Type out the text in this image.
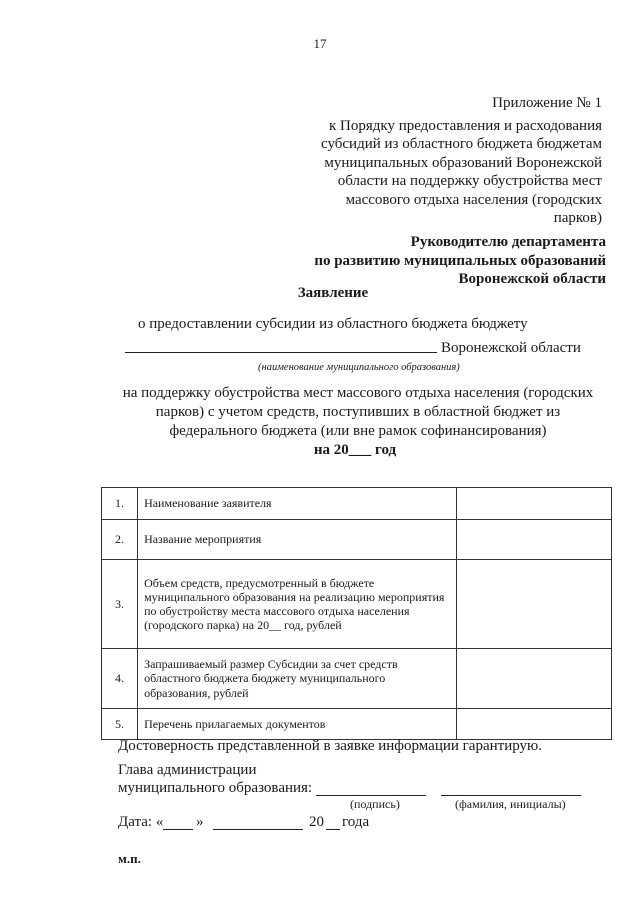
17
Приложение № 1
к Порядку предоставления и расходования
субсидий из областного бюджета бюджетам
муниципальных образований Воронежской
области на поддержку обустройства мест
массового отдыха населения (городских
парков)
Руководителю департамента
по развитию муниципальных образований
Воронежской области
Заявление
о предоставлении субсидии из областного бюджета бюджету
Воронежской области
(наименование муниципального образования)
на поддержку обустройства мест массового отдыха населения (городских
парков) с учетом средств, поступивших в областной бюджет из
федерального бюджета (или вне рамок софинансирования)
на 20___ год
1.	Наименование заявителя	
2.	Название мероприятия	
3.	Объем средств, предусмотренный в бюджете муниципального образования на реализацию мероприятия по обустройству места массового отдыха населения (городского парка) на 20__ год, рублей	
4.	Запрашиваемый размер Субсидии за счет средств областного бюджета бюджету муниципального образования, рублей	
5.	Перечень прилагаемых документов	
Достоверность представленной в заявке информации гарантирую.
Глава администрации
муниципального образования:
(подпись)	(фамилия, инициалы)
Дата: « »	20 года
м.п.
